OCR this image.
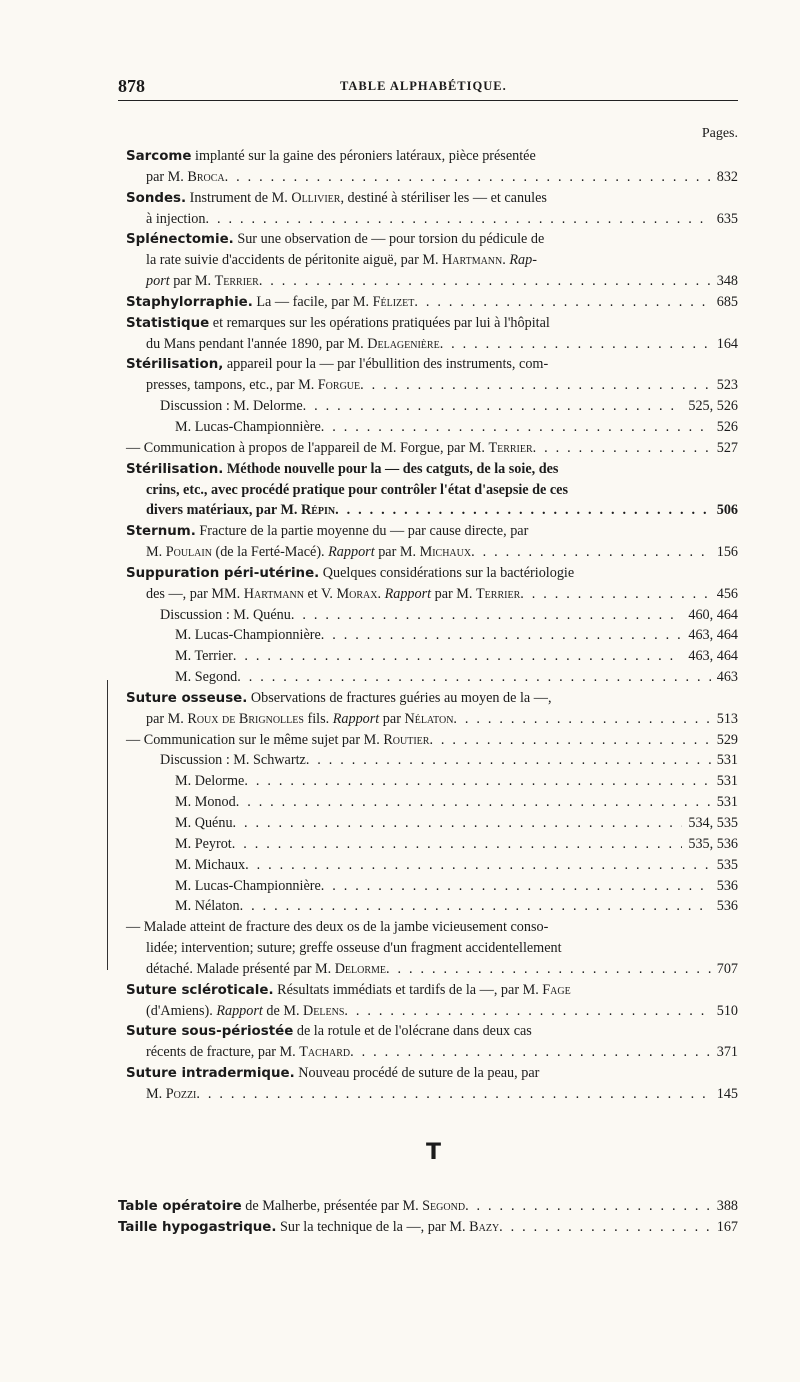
878	TABLE ALPHABÉTIQUE.
Pages.
Sarcome implanté sur la gaine des péroniers latéraux, pièce présentée
par M. Broca . . .	832
Sondes. Instrument de M. Ollivier, destiné à stériliser les — et canules
à injection . . .	635
Splénectomie. Sur une observation de — pour torsion du pédicule de
la rate suivie d'accidents de péritonite aiguë, par M. Hartmann. Rap-
port par M. Terrier . . .	348
Staphylorraphie. La — facile, par M. Félizet . . .	685
Statistique et remarques sur les opérations pratiquées par lui à l'hôpital
du Mans pendant l'année 1890, par M. Delagenière . . .	164
Stérilisation, appareil pour la — par l'ébullition des instruments, com-
presses, tampons, etc., par M. Forgue . . .	523
Discussion : M. Delorme . . .	525, 526
M. Lucas-Championnière . . .	526
— Communication à propos de l'appareil de M. Forgue, par M. Terrier . . .	527
Stérilisation. Méthode nouvelle pour la — des catguts, de la soie, des
crins, etc., avec procédé pratique pour contrôler l'état d'asepsie de ces
divers matériaux, par M. Répin . . .	506
Sternum. Fracture de la partie moyenne du — par cause directe, par
M. Poulain (de la Ferté-Macé). Rapport par M. Michaux . . .	156
Suppuration péri-utérine. Quelques considérations sur la bactériologie
des —, par MM. Hartmann et V. Morax. Rapport par M. Terrier . . .	456
Discussion : M. Quénu . . .	460, 464
M. Lucas-Championnière . . .	463, 464
M. Terrier . . .	463, 464
M. Segond . . .	463
Suture osseuse. Observations de fractures guéries au moyen de la —,
par M. Roux de Brignolles fils. Rapport par Nélaton . . .	513
— Communication sur le même sujet par M. Routier . . .	529
Discussion : M. Schwartz . . .	531
M. Delorme . . .	531
M. Monod . . .	531
M. Quénu . . .	534, 535
M. Peyrot . . .	535, 536
M. Michaux . . .	535
M. Lucas-Championnière . . .	536
M. Nélaton . . .	536
— Malade atteint de fracture des deux os de la jambe vicieusement conso-
lidée; intervention; suture; greffe osseuse d'un fragment accidentellement
détaché. Malade présenté par M. Delorme . . .	707
Suture scléroticale. Résultats immédiats et tardifs de la —, par M. Fage
(d'Amiens). Rapport de M. Delens . . .	510
Suture sous-périostée de la rotule et de l'olécrane dans deux cas
récents de fracture, par M. Tachard . . .	371
Suture intradermique. Nouveau procédé de suture de la peau, par
M. Pozzi . . .	145
T
Table opératoire de Malherbe, présentée par M. Segond . . .	388
Taille hypogastrique. Sur la technique de la —, par M. Bazy . . .	167
